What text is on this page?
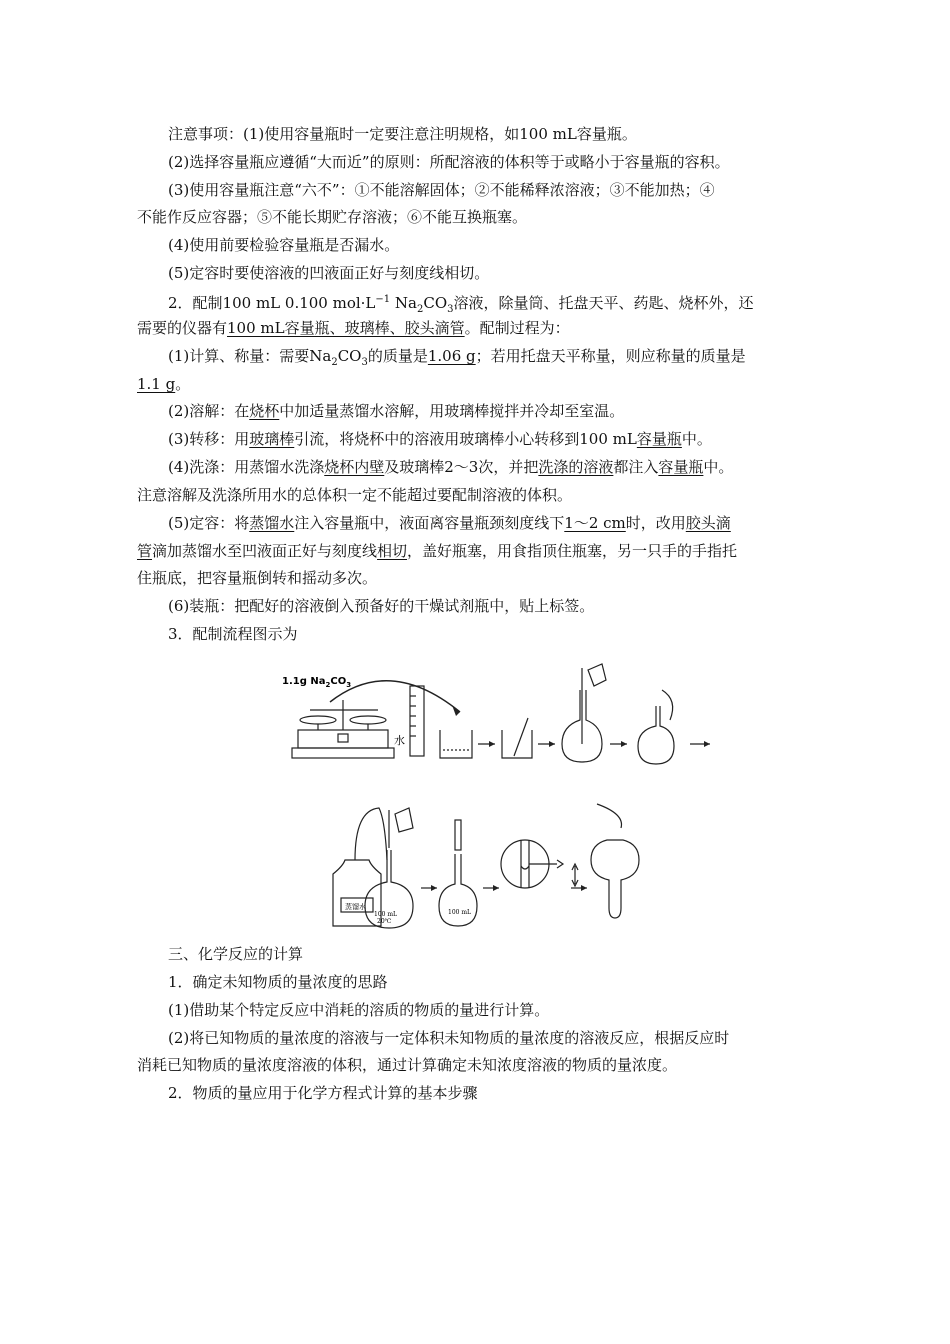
注意事项：(1)使用容量瓶时一定要注意注明规格，如100 mL容量瓶。
(2)选择容量瓶应遵循“大而近”的原则：所配溶液的体积等于或略小于容量瓶的容积。
(3)使用容量瓶注意“六不”：①不能溶解固体；②不能稀释浓溶液；③不能加热；④
不能作反应容器；⑤不能长期贮存溶液；⑥不能互换瓶塞。
(4)使用前要检验容量瓶是否漏水。
(5)定容时要使溶液的凹液面正好与刻度线相切。
2．配制100 mL 0.100 $mol\cdot L^{-1}$ $Na_2CO_3$溶液，除量筒、托盘天平、药匙、烧杯外，还
需要的仪器有100 mL容量瓶、玻璃棒、胶头滴管。配制过程为：
(1)计算、称量：需要$Na_2CO_3$的质量是1.06 g；若用托盘天平称量，则应称量的质量是
1.1 g。
(2)溶解：在烧杯中加适量蒸馏水溶解，用玻璃棒搅拌并冷却至室温。
(3)转移：用玻璃棒引流，将烧杯中的溶液用玻璃棒小心转移到100 mL容量瓶中。
(4)洗涤：用蒸馏水洗涤烧杯内壁及玻璃棒2～3次，并把洗涤的溶液都注入容量瓶中。
注意溶解及洗涤所用水的总体积一定不能超过要配制溶液的体积。
(5)定容：将蒸馏水注入容量瓶中，液面离容量瓶颈刻度线下1～2 cm时，改用胶头滴
管滴加蒸馏水至凹液面正好与刻度线相切，盖好瓶塞，用食指顶住瓶塞，另一只手的手指托
住瓶底，把容量瓶倒转和摇动多次。
(6)装瓶：把配好的溶液倒入预备好的干燥试剂瓶中，贴上标签。
3．配制流程图示为
1.1g $Na_2CO_3$
水
蒸馏水
100 mL
20℃
100 mL
三、化学反应的计算
1．确定未知物质的量浓度的思路
(1)借助某个特定反应中消耗的溶质的物质的量进行计算。
(2)将已知物质的量浓度的溶液与一定体积未知物质的量浓度的溶液反应，根据反应时
消耗已知物质的量浓度溶液的体积，通过计算确定未知浓度溶液的物质的量浓度。
2．物质的量应用于化学方程式计算的基本步骤
